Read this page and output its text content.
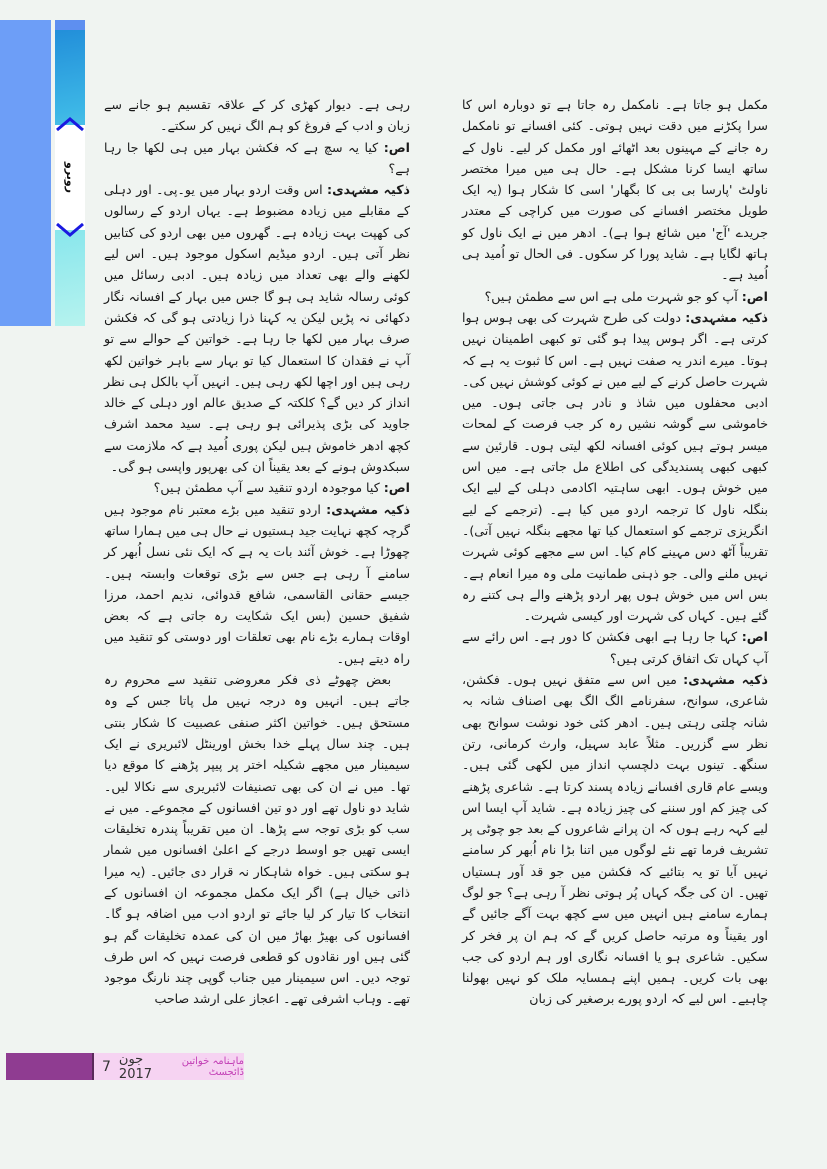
روبرو

مکمل ہو جاتا ہے۔ نامکمل رہ جاتا ہے تو دوبارہ اس کا سرا پکڑنے میں دقت نہیں ہوتی۔ کئی افسانے تو نامکمل رہ جانے کے مہینوں بعد اٹھائے اور مکمل کر لیے۔ ناول کے ساتھ ایسا کرنا مشکل ہے۔ حال ہی میں میرا مختصر ناولٹ 'پارسا بی بی کا بگھار' اسی کا شکار ہوا (یہ ایک طویل مختصر افسانے کی صورت میں کراچی کے معتدر جریدے 'آج' میں شائع ہوا ہے)۔ ادھر میں نے ایک ناول کو ہاتھ لگایا ہے۔ شاید پورا کر سکوں۔ فی الحال تو اُمید ہی اُمید ہے۔

اص: آپ کو جو شہرت ملی ہے اس سے مطمئن ہیں؟

ذکیہ مشہدی: دولت کی طرح شہرت کی بھی ہوس ہوا کرتی ہے۔ اگر ہوس پیدا ہو گئی تو کبھی اطمینان نہیں ہوتا۔ میرے اندر یہ صفت نہیں ہے۔ اس کا ثبوت یہ ہے کہ شہرت حاصل کرنے کے لیے میں نے کوئی کوشش نہیں کی۔ ادبی محفلوں میں شاذ و نادر ہی جاتی ہوں۔ میں خاموشی سے گوشہ نشیں رہ کر جب فرصت کے لمحات میسر ہوتے ہیں کوئی افسانہ لکھ لیتی ہوں۔ قارئین سے کبھی کبھی پسندیدگی کی اطلاع مل جاتی ہے۔ میں اس میں خوش ہوں۔ ابھی ساہتیہ اکادمی دہلی کے لیے ایک بنگلہ ناول کا ترجمہ اردو میں کیا ہے۔ (ترجمے کے لیے انگریزی ترجمے کو استعمال کیا تھا مجھے بنگلہ نہیں آتی)۔ تقریباً آٹھ دس مہینے کام کیا۔ اس سے مجھے کوئی شہرت نہیں ملنے والی۔ جو ذہنی طمانیت ملی وہ میرا انعام ہے۔ بس اس میں خوش ہوں پھر اردو پڑھنے والے ہی کتنے رہ گئے ہیں۔ کہاں کی شہرت اور کیسی شہرت۔

اص: کہا جا رہا ہے ابھی فکشن کا دور ہے۔ اس رائے سے آپ کہاں تک اتفاق کرتی ہیں؟

ذکیہ مشہدی: میں اس سے متفق نہیں ہوں۔ فکشن، شاعری، سوانح، سفرنامے الگ الگ بھی اصناف شانہ بہ شانہ چلتی رہتی ہیں۔ ادھر کئی خود نوشت سوانح بھی نظر سے گزریں۔ مثلاً عابد سہیل، وارث کرمانی، رتن سنگھ۔ تینوں بہت دلچسپ انداز میں لکھی گئی ہیں۔ ویسے عام قاری افسانے زیادہ پسند کرتا ہے۔ شاعری پڑھنے کی چیز کم اور سننے کی چیز زیادہ ہے۔ شاید آپ ایسا اس لیے کہہ رہے ہوں کہ ان پرانے شاعروں کے بعد جو چوٹی پر تشریف فرما تھے نئے لوگوں میں اتنا بڑا نام اُبھر کر سامنے نہیں آیا تو یہ بتائیے کہ فکشن میں جو قد آور ہستیاں تھیں۔ ان کی جگہ کہاں پُر ہوتی نظر آ رہی ہے؟ جو لوگ ہمارے سامنے ہیں انہیں میں سے کچھ بہت آگے جائیں گے اور یقیناً وہ مرتبہ حاصل کریں گے کہ ہم ان پر فخر کر سکیں۔ شاعری ہو یا افسانہ نگاری اور ہم اردو کی جب بھی بات کریں۔ ہمیں اپنے ہمسایہ ملک کو نہیں بھولنا چاہیے۔ اس لیے کہ اردو پورے برصغیر کی زبان

رہی ہے۔ دیوار کھڑی کر کے علاقہ تقسیم ہو جانے سے زبان و ادب کے فروغ کو ہم الگ نہیں کر سکتے۔

اص: کیا یہ سچ ہے کہ فکشن بہار میں ہی لکھا جا رہا ہے؟

ذکیہ مشہدی: اس وقت اردو بہار میں یو۔پی۔ اور دہلی کے مقابلے میں زیادہ مضبوط ہے۔ یہاں اردو کے رسالوں کی کھپت بہت زیادہ ہے۔ گھروں میں بھی اردو کی کتابیں نظر آتی ہیں۔ اردو میڈیم اسکول موجود ہیں۔ اس لیے لکھنے والے بھی تعداد میں زیادہ ہیں۔ ادبی رسائل میں کوئی رسالہ شاید ہی ہو گا جس میں بہار کے افسانہ نگار دکھائی نہ پڑیں لیکن یہ کہنا ذرا زیادتی ہو گی کہ فکشن صرف بہار میں لکھا جا رہا ہے۔ خواتین کے حوالے سے تو آپ نے فقدان کا استعمال کیا تو بہار سے باہر خواتین لکھ رہی ہیں اور اچھا لکھ رہی ہیں۔ انہیں آپ بالکل ہی نظر انداز کر دیں گے؟ کلکتہ کے صدیق عالم اور دہلی کے خالد جاوید کی بڑی پذیرائی ہو رہی ہے۔ سید محمد اشرف کچھ ادھر خاموش ہیں لیکن پوری اُمید ہے کہ ملازمت سے سبکدوش ہونے کے بعد یقیناً ان کی بھرپور واپسی ہو گی۔

اص: کیا موجودہ اردو تنقید سے آپ مطمئن ہیں؟

ذکیہ مشہدی: اردو تنقید میں بڑے معتبر نام موجود ہیں گرچہ کچھ نہایت جید ہستیوں نے حال ہی میں ہمارا ساتھ چھوڑا ہے۔ خوش آئند بات یہ ہے کہ ایک نئی نسل اُبھر کر سامنے آ رہی ہے جس سے بڑی توقعات وابستہ ہیں۔ جیسے حقانی القاسمی، شافع قدوائی، ندیم احمد، مرزا شفیق حسین (بس ایک شکایت رہ جاتی ہے کہ بعض اوقات ہمارے بڑے نام بھی تعلقات اور دوستی کو تنقید میں راہ دیتے ہیں۔

بعض چھوٹے ذی فکر معروضی تنقید سے محروم رہ جاتے ہیں۔ انہیں وہ درجہ نہیں مل پاتا جس کے وہ مستحق ہیں۔ خواتین اکثر صنفی عصبیت کا شکار بنتی ہیں۔ چند سال پہلے خدا بخش اورینٹل لائبریری نے ایک سیمینار میں مجھے شکیلہ اختر پر پیپر پڑھنے کا موقع دیا تھا۔ میں نے ان کی بھی تصنیفات لائبریری سے نکالا لیں۔ شاید دو ناول تھے اور دو تین افسانوں کے مجموعے۔ میں نے سب کو بڑی توجہ سے پڑھا۔ ان میں تقریباً پندرہ تخلیقات ایسی تھیں جو اوسط درجے کے اعلیٰ افسانوں میں شمار ہو سکتی ہیں۔ خواہ شاہکار نہ قرار دی جائیں۔ (یہ میرا ذاتی خیال ہے) اگر ایک مکمل مجموعہ ان افسانوں کے انتخاب کا تیار کر لیا جائے تو اردو ادب میں اضافہ ہو گا۔ افسانوں کی بھیڑ بھاڑ میں ان کی عمدہ تخلیقات گم ہو گئی ہیں اور نقادوں کو قطعی فرصت نہیں کہ اس طرف توجہ دیں۔ اس سیمینار میں جناب گوپی چند نارنگ موجود تھے۔ وہاب اشرفی تھے۔ اعجاز علی ارشد صاحب

7 جون 2017
ماہنامہ خواتین ڈائجسٹ
